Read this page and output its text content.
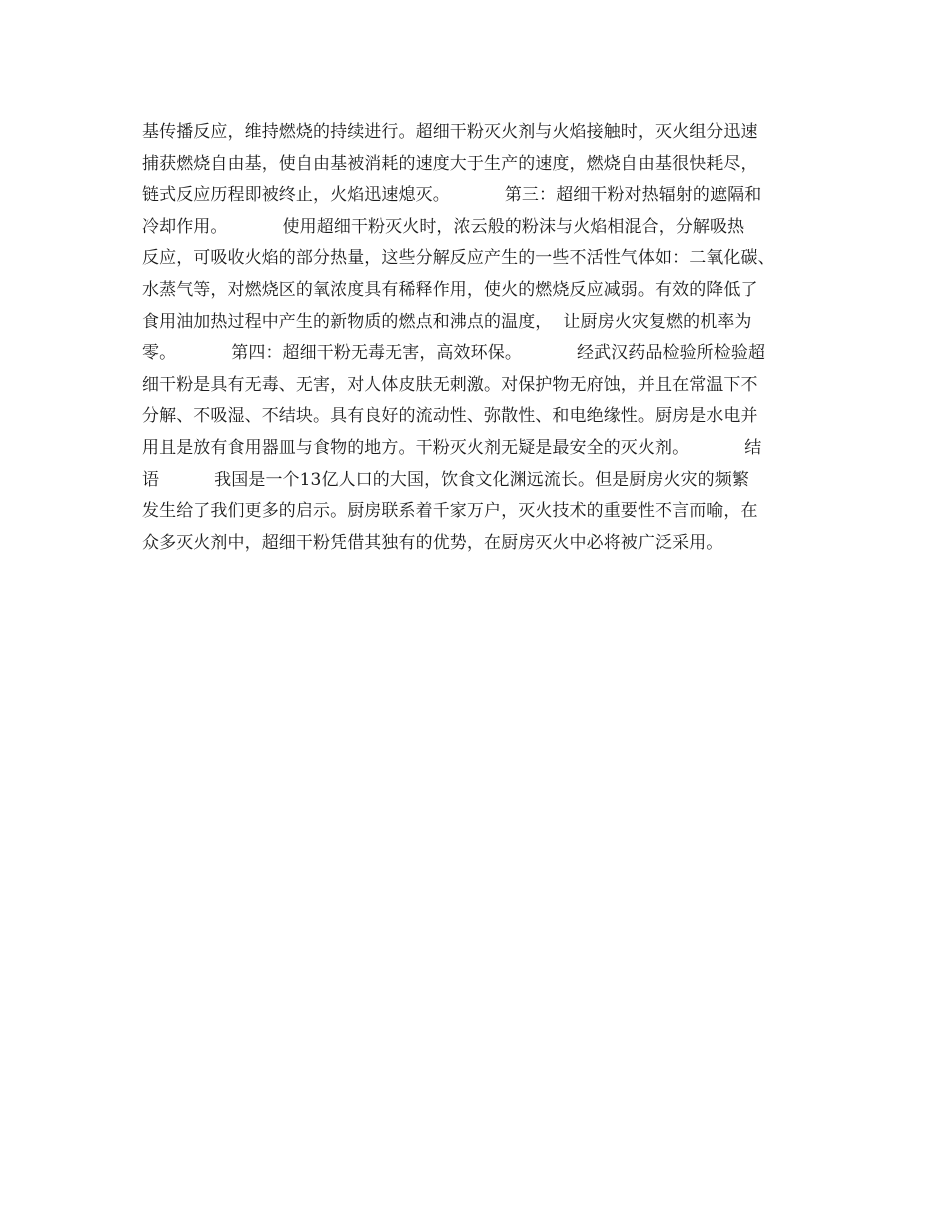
基传播反应，维持燃烧的持续进行。超细干粉灭火剂与火焰接触时，灭火组分迅速
捕获燃烧自由基，使自由基被消耗的速度大于生产的速度，燃烧自由基很快耗尽，
链式反应历程即被终止，火焰迅速熄灭。          第三：超细干粉对热辐射的遮隔和
冷却作用。          使用超细干粉灭火时，浓云般的粉沫与火焰相混合，分解吸热
反应，可吸收火焰的部分热量，这些分解反应产生的一些不活性气体如：二氧化碳、
水蒸气等，对燃烧区的氧浓度具有稀释作用，使火的燃烧反应减弱。有效的降低了
食用油加热过程中产生的新物质的燃点和沸点的温度，  让厨房火灾复燃的机率为
零。          第四：超细干粉无毒无害，高效环保。          经武汉药品检验所检验超
细干粉是具有无毒、无害，对人体皮肤无刺激。对保护物无府蚀，并且在常温下不
分解、不吸湿、不结块。具有良好的流动性、弥散性、和电绝缘性。厨房是水电并
用且是放有食用器皿与食物的地方。干粉灭火剂无疑是最安全的灭火剂。          结
语          我国是一个13亿人口的大国，饮食文化渊远流长。但是厨房火灾的频繁
发生给了我们更多的启示。厨房联系着千家万户，灭火技术的重要性不言而喻，在
众多灭火剂中，超细干粉凭借其独有的优势，在厨房灭火中必将被广泛采用。
